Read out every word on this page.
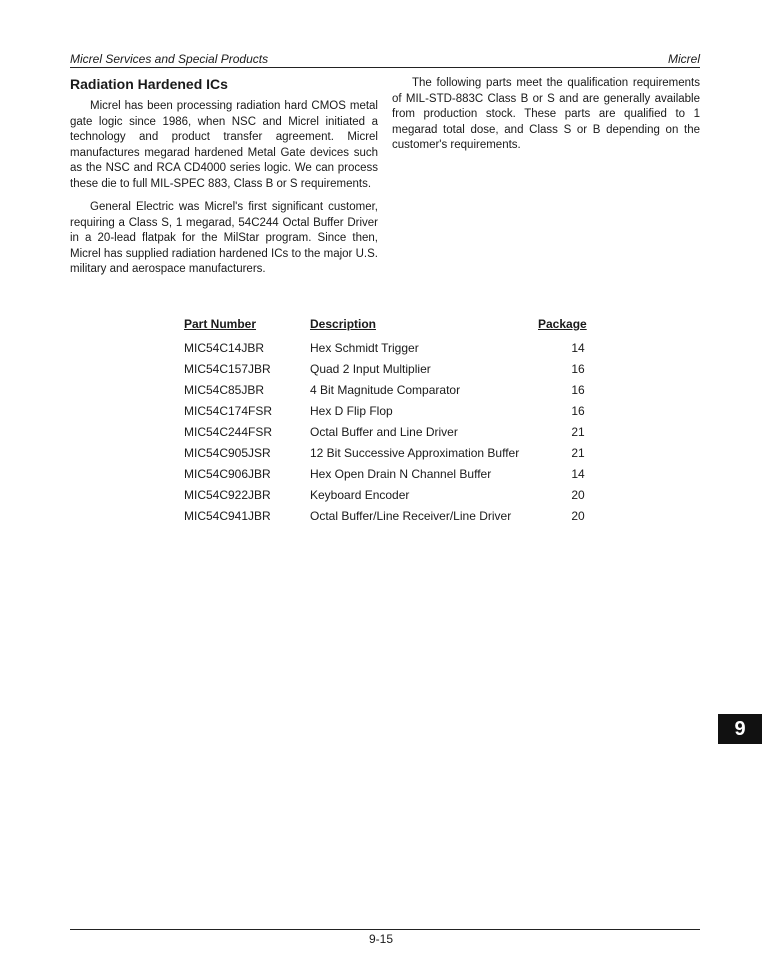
Micrel Services and Special Products	Micrel
Radiation Hardened ICs

Micrel has been processing radiation hard CMOS metal gate logic since 1986, when NSC and Micrel initiated a technology and product transfer agreement. Micrel manufactures megarad hardened Metal Gate devices such as the NSC and RCA CD4000 series logic. We can process these die to full MIL-SPEC 883, Class B or S requirements.

General Electric was Micrel's first significant customer, requiring a Class S, 1 megarad, 54C244 Octal Buffer Driver in a 20-lead flatpak for the MilStar program. Since then, Micrel has supplied radiation hardened ICs to the major U.S. military and aerospace manufacturers.

The following parts meet the qualification requirements of MIL-STD-883C Class B or S and are generally available from production stock. These parts are qualified to 1 megarad total dose, and Class S or B depending on the customer's requirements.

Part Number	Description	Package
MIC54C14JBR	Hex Schmidt Trigger	14
MIC54C157JBR	Quad 2 Input Multiplier	16
MIC54C85JBR	4 Bit Magnitude Comparator	16
MIC54C174FSR	Hex D Flip Flop	16
MIC54C244FSR	Octal Buffer and Line Driver	21
MIC54C905JSR	12 Bit Successive Approximation Buffer	21
MIC54C906JBR	Hex Open Drain N Channel Buffer	14
MIC54C922JBR	Keyboard Encoder	20
MIC54C941JBR	Octal Buffer/Line Receiver/Line Driver	20
9
9-15
